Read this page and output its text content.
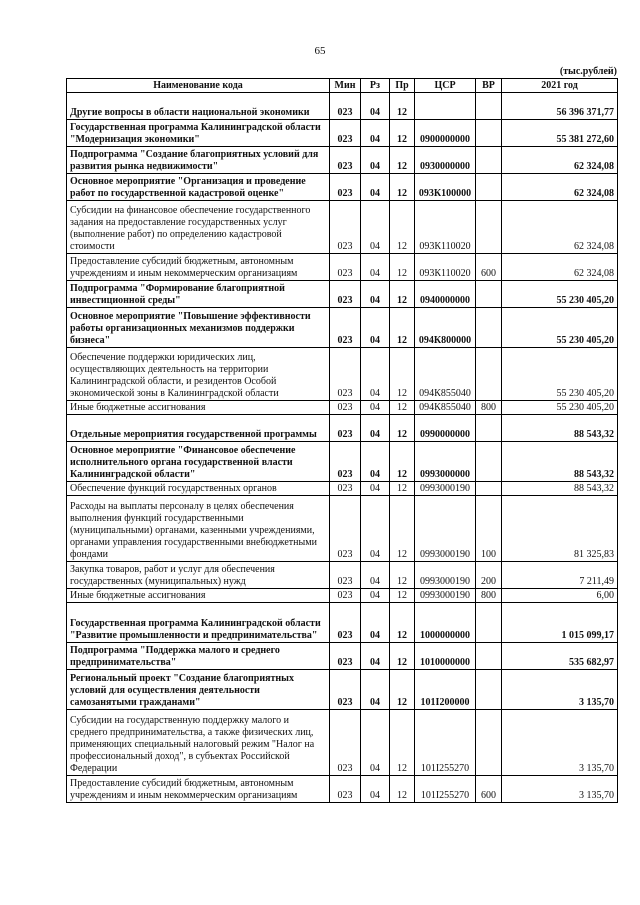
65
(тыс.рублей)
Наименование кода	Мин	Рз	Пр	ЦСР	ВР	2021 год
Другие вопросы в области национальной экономики	023	04	12			56 396 371,77
Государственная программа Калининградской области "Модернизация экономики"	023	04	12	0900000000		55 381 272,60
Подпрограмма "Создание благоприятных условий для развития рынка недвижимости"	023	04	12	0930000000		62 324,08
Основное мероприятие "Организация и проведение работ по государственной кадастровой оценке"	023	04	12	093К100000		62 324,08
Субсидии на финансовое обеспечение государственного задания на предоставление государственных услуг (выполнение работ) по определению кадастровой стоимости	023	04	12	093К110020		62 324,08
Предоставление субсидий бюджетным, автономным учреждениям и иным некоммерческим организациям	023	04	12	093К110020	600	62 324,08
Подпрограмма "Формирование благоприятной инвестиционной среды"	023	04	12	0940000000		55 230 405,20
Основное мероприятие "Повышение эффективности работы организационных механизмов поддержки бизнеса"	023	04	12	094К800000		55 230 405,20
Обеспечение поддержки юридических лиц, осуществляющих деятельность на территории Калининградской области, и резидентов Особой экономической зоны в Калининградской области	023	04	12	094К855040		55 230 405,20
Иные бюджетные ассигнования	023	04	12	094К855040	800	55 230 405,20
Отдельные мероприятия государственной программы	023	04	12	0990000000		88 543,32
Основное мероприятие "Финансовое обеспечение исполнительного органа государственной власти Калининградской области"	023	04	12	0993000000		88 543,32
Обеспечение функций государственных органов	023	04	12	0993000190		88 543,32
Расходы на выплаты персоналу в целях обеспечения выполнения функций государственными (муниципальными) органами, казенными учреждениями, органами управления государственными внебюджетными фондами	023	04	12	0993000190	100	81 325,83
Закупка товаров, работ и услуг для обеспечения государственных (муниципальных) нужд	023	04	12	0993000190	200	7 211,49
Иные бюджетные ассигнования	023	04	12	0993000190	800	6,00
Государственная программа Калининградской области "Развитие промышленности и предпринимательства"	023	04	12	1000000000		1 015 099,17
Подпрограмма "Поддержка малого и среднего предпринимательства"	023	04	12	1010000000		535 682,97
Региональный проект "Создание благоприятных условий для осуществления деятельности самозанятыми гражданами"	023	04	12	101I200000		3 135,70
Субсидии на государственную поддержку малого и среднего предпринимательства, а также физических лиц, применяющих специальный налоговый режим "Налог на профессиональный доход", в субъектах Российской Федерации	023	04	12	101I255270		3 135,70
Предоставление субсидий бюджетным, автономным учреждениям и иным некоммерческим организациям	023	04	12	101I255270	600	3 135,70
